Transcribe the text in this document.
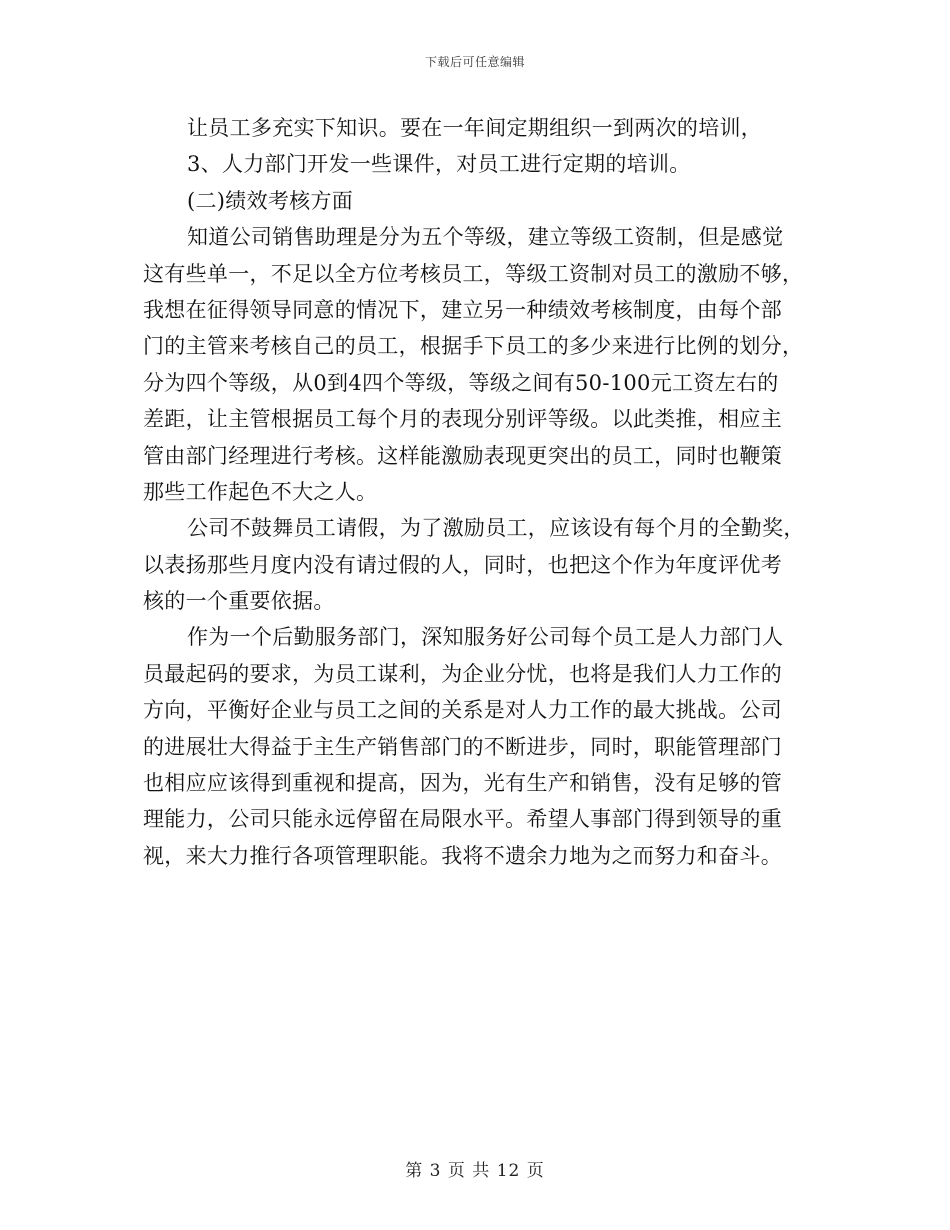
下载后可任意编辑
让员工多充实下知识。要在一年间定期组织一到两次的培训，
3、人力部门开发一些课件，对员工进行定期的培训。
(二)绩效考核方面
知道公司销售助理是分为五个等级，建立等级工资制，但是感觉
这有些单一，不足以全方位考核员工，等级工资制对员工的激励不够，
我想在征得领导同意的情况下，建立另一种绩效考核制度，由每个部
门的主管来考核自己的员工，根据手下员工的多少来进行比例的划分，
分为四个等级，从0到4四个等级，等级之间有50-100元工资左右的
差距，让主管根据员工每个月的表现分别评等级。以此类推，相应主
管由部门经理进行考核。这样能激励表现更突出的员工，同时也鞭策
那些工作起色不大之人。
公司不鼓舞员工请假，为了激励员工，应该设有每个月的全勤奖，
以表扬那些月度内没有请过假的人，同时，也把这个作为年度评优考
核的一个重要依据。
作为一个后勤服务部门，深知服务好公司每个员工是人力部门人
员最起码的要求，为员工谋利，为企业分忧，也将是我们人力工作的
方向，平衡好企业与员工之间的关系是对人力工作的最大挑战。公司
的进展壮大得益于主生产销售部门的不断进步，同时，职能管理部门
也相应应该得到重视和提高，因为，光有生产和销售，没有足够的管
理能力，公司只能永远停留在局限水平。希望人事部门得到领导的重
视，来大力推行各项管理职能。我将不遗余力地为之而努力和奋斗。
第 3 页 共 12 页
